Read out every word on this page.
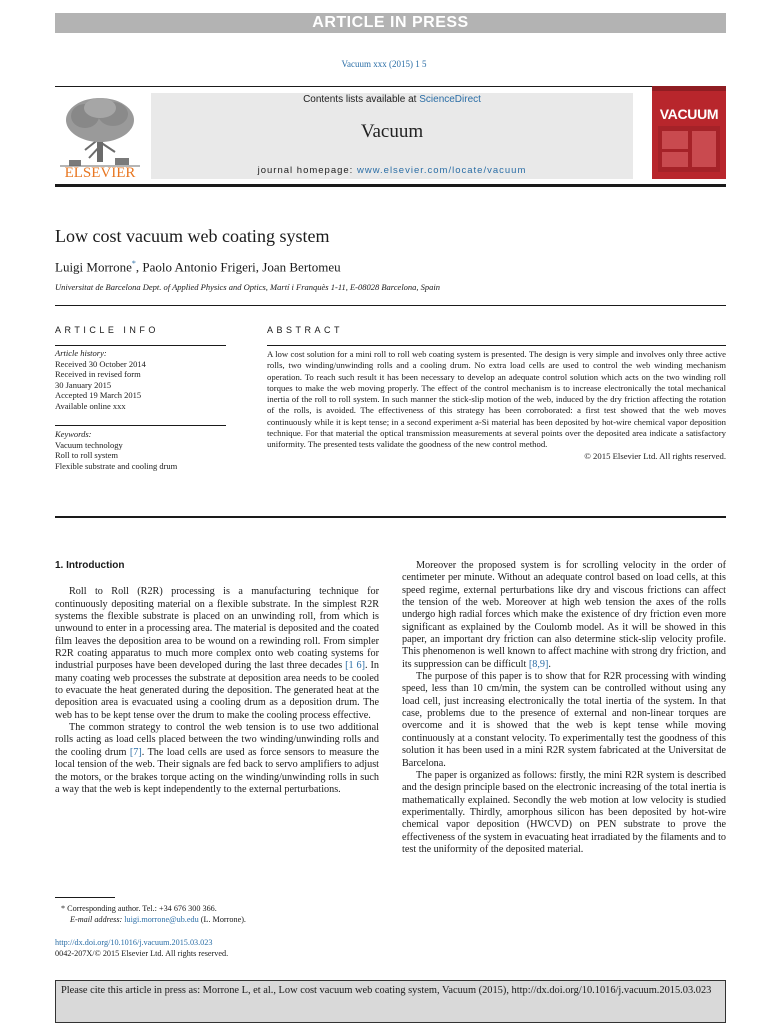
ARTICLE IN PRESS
Vacuum xxx (2015) 1 5
ELSEVIER
Contents lists available at ScienceDirect
Vacuum
journal homepage: www.elsevier.com/locate/vacuum
VACUUM
Low cost vacuum web coating system
Luigi Morrone*, Paolo Antonio Frigeri, Joan Bertomeu
Universitat de Barcelona Dept. of Applied Physics and Optics, Martí i Franquès 1-11, E-08028 Barcelona, Spain
ARTICLE INFO
Article history:
Received 30 October 2014
Received in revised form
30 January 2015
Accepted 19 March 2015
Available online xxx
Keywords:
Vacuum technology
Roll to roll system
Flexible substrate and cooling drum
ABSTRACT
A low cost solution for a mini roll to roll web coating system is presented. The design is very simple and involves only three active rolls, two winding/unwinding rolls and a cooling drum. No extra load cells are used to control the web winding mechanism operation. To reach such result it has been necessary to develop an adequate control solution which acts on the two winding roll torques to make the web moving properly. The effect of the control mechanism is to increase electronically the total mechanical inertia of the roll to roll system. In such manner the stick-slip motion of the web, induced by the dry friction affecting the rotation of the rolls, is avoided. The effectiveness of this strategy has been corroborated: a first test showed that the web moves continuously while it is kept tense; in a second experiment a-Si material has been deposited by hot-wire chemical vapor deposition technique. For that material the optical transmission measurements at several points over the deposited area indicate a satisfactory uniformity. The presented tests validate the goodness of the new control method.
© 2015 Elsevier Ltd. All rights reserved.
1. Introduction

Roll to Roll (R2R) processing is a manufacturing technique for continuously depositing material on a flexible substrate. In the simplest R2R systems the flexible substrate is placed on an unwinding roll, from which is unwound to enter in a processing area. The material is deposited and the coated film leaves the deposition area to be wound on a rewinding roll. From simpler R2R coating apparatus to much more complex onto web coating systems for industrial purposes have been developed during the last three decades [1 6]. In many coating web processes the substrate at deposition area needs to be cooled to evacuate the heat generated during the deposition. The generated heat at the deposition area is evacuated using a cooling drum as a deposition drum. The web has to be kept tense over the drum to make the cooling process effective.

The common strategy to control the web tension is to use two additional rolls acting as load cells placed between the two winding/unwinding rolls and the cooling drum [7]. The load cells are used as force sensors to measure the local tension of the web. Their signals are fed back to servo amplifiers to adjust the motors, or the brakes torque acting on the winding/unwinding rolls in such a way that the web is kept independently to the external perturbations.

Moreover the proposed system is for scrolling velocity in the order of centimeter per minute. Without an adequate control based on load cells, at this speed regime, external perturbations like dry and viscous frictions can affect the tension of the web. Moreover at high web tension the axes of the rolls undergo high radial forces which make the existence of dry friction even more significant as explained by the Coulomb model. As it will be showed in this paper, an important dry friction can also determine stick-slip velocity profile. This phenomenon is well known to affect machine with strong dry friction, and its suppression can be difficult [8,9].

The purpose of this paper is to show that for R2R processing with winding speed, less than 10 cm/min, the system can be controlled without using any load cell, just increasing electronically the total inertia of the system. In that case, problems due to the presence of external and non-linear torques are overcome and it is showed that the web is kept tense while moving continuously at a constant velocity. To experimentally test the goodness of this solution it has been used in a mini R2R system fabricated at the Universitat de Barcelona.

The paper is organized as follows: firstly, the mini R2R system is described and the design principle based on the electronic increasing of the total inertia is mathematically explained. Secondly the web motion at low velocity is studied experimentally. Thirdly, amorphous silicon has been deposited by hot-wire chemical vapor deposition (HWCVD) on PEN substrate to prove the effectiveness of the system in evacuating heat irradiated by the filaments and to test the uniformity of the deposited material.

* Corresponding author. Tel.: +34 676 300 366.
E-mail address: luigi.morrone@ub.edu (L. Morrone).
http://dx.doi.org/10.1016/j.vacuum.2015.03.023
0042-207X/© 2015 Elsevier Ltd. All rights reserved.
Please cite this article in press as: Morrone L, et al., Low cost vacuum web coating system, Vacuum (2015), http://dx.doi.org/10.1016/j.vacuum.2015.03.023
